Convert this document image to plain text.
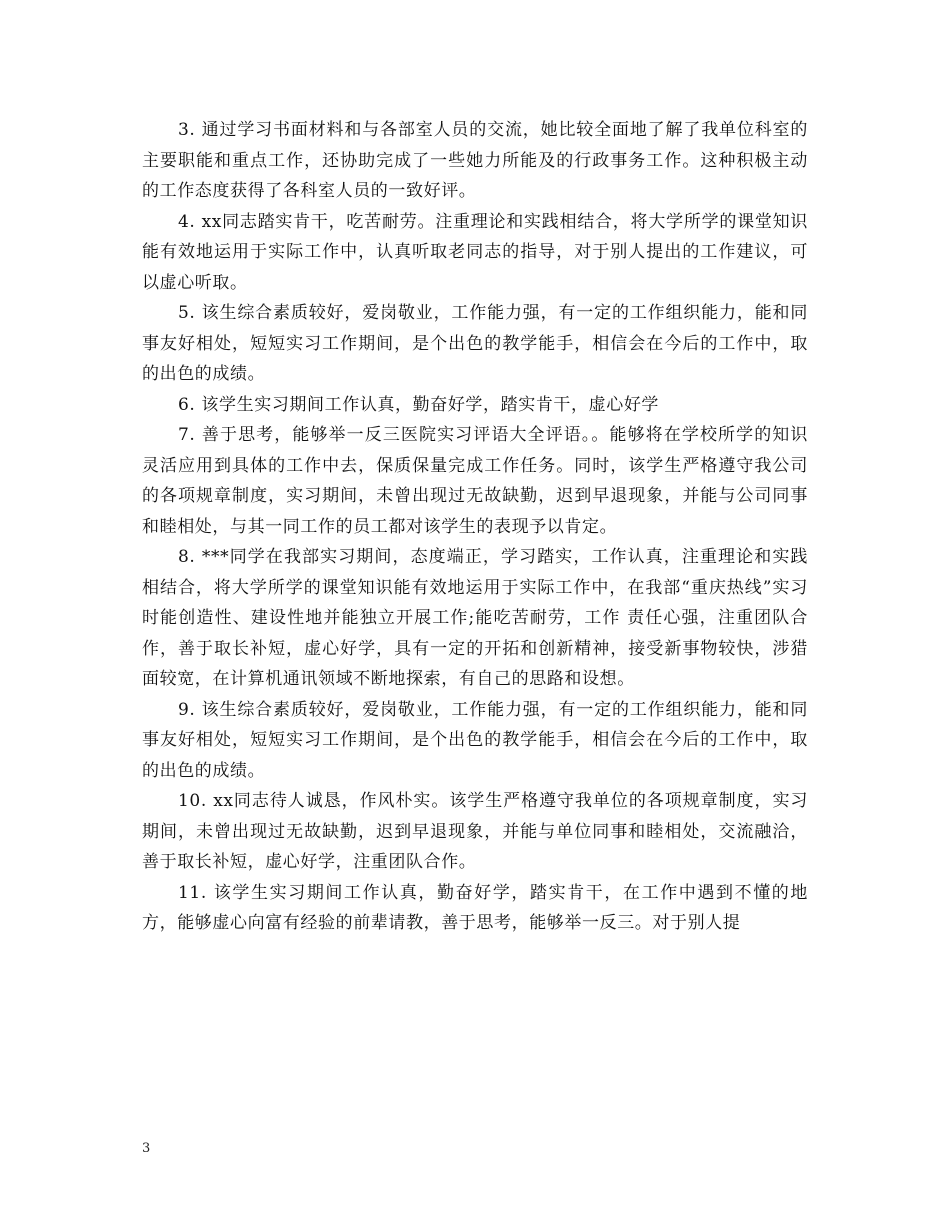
3. 通过学习书面材料和与各部室人员的交流，她比较全面地了解了我单位科室的主要职能和重点工作，还协助完成了一些她力所能及的行政事务工作。这种积极主动的工作态度获得了各科室人员的一致好评。

4. xx同志踏实肯干，吃苦耐劳。注重理论和实践相结合，将大学所学的课堂知识能有效地运用于实际工作中，认真听取老同志的指导，对于别人提出的工作建议，可以虚心听取。

5. 该生综合素质较好，爱岗敬业，工作能力强，有一定的工作组织能力，能和同事友好相处，短短实习工作期间，是个出色的教学能手，相信会在今后的工作中，取的出色的成绩。

6. 该学生实习期间工作认真，勤奋好学，踏实肯干，虚心好学

7. 善于思考，能够举一反三医院实习评语大全评语。。能够将在学校所学的知识灵活应用到具体的工作中去，保质保量完成工作任务。同时，该学生严格遵守我公司的各项规章制度，实习期间，未曾出现过无故缺勤，迟到早退现象，并能与公司同事和睦相处，与其一同工作的员工都对该学生的表现予以肯定。

8. ***同学在我部实习期间，态度端正，学习踏实，工作认真，注重理论和实践相结合，将大学所学的课堂知识能有效地运用于实际工作中，在我部“重庆热线”实习时能创造性、建设性地并能独立开展工作;能吃苦耐劳，工作 责任心强，注重团队合作，善于取长补短，虚心好学，具有一定的开拓和创新精神，接受新事物较快，涉猎面较宽，在计算机通讯领域不断地探索，有自己的思路和设想。

9. 该生综合素质较好，爱岗敬业，工作能力强，有一定的工作组织能力，能和同事友好相处，短短实习工作期间，是个出色的教学能手，相信会在今后的工作中，取的出色的成绩。

10. xx同志待人诚恳，作风朴实。该学生严格遵守我单位的各项规章制度，实习期间，未曾出现过无故缺勤，迟到早退现象，并能与单位同事和睦相处，交流融洽，善于取长补短，虚心好学，注重团队合作。

11. 该学生实习期间工作认真，勤奋好学，踏实肯干，在工作中遇到不懂的地方，能够虚心向富有经验的前辈请教，善于思考，能够举一反三。对于别人提

3
